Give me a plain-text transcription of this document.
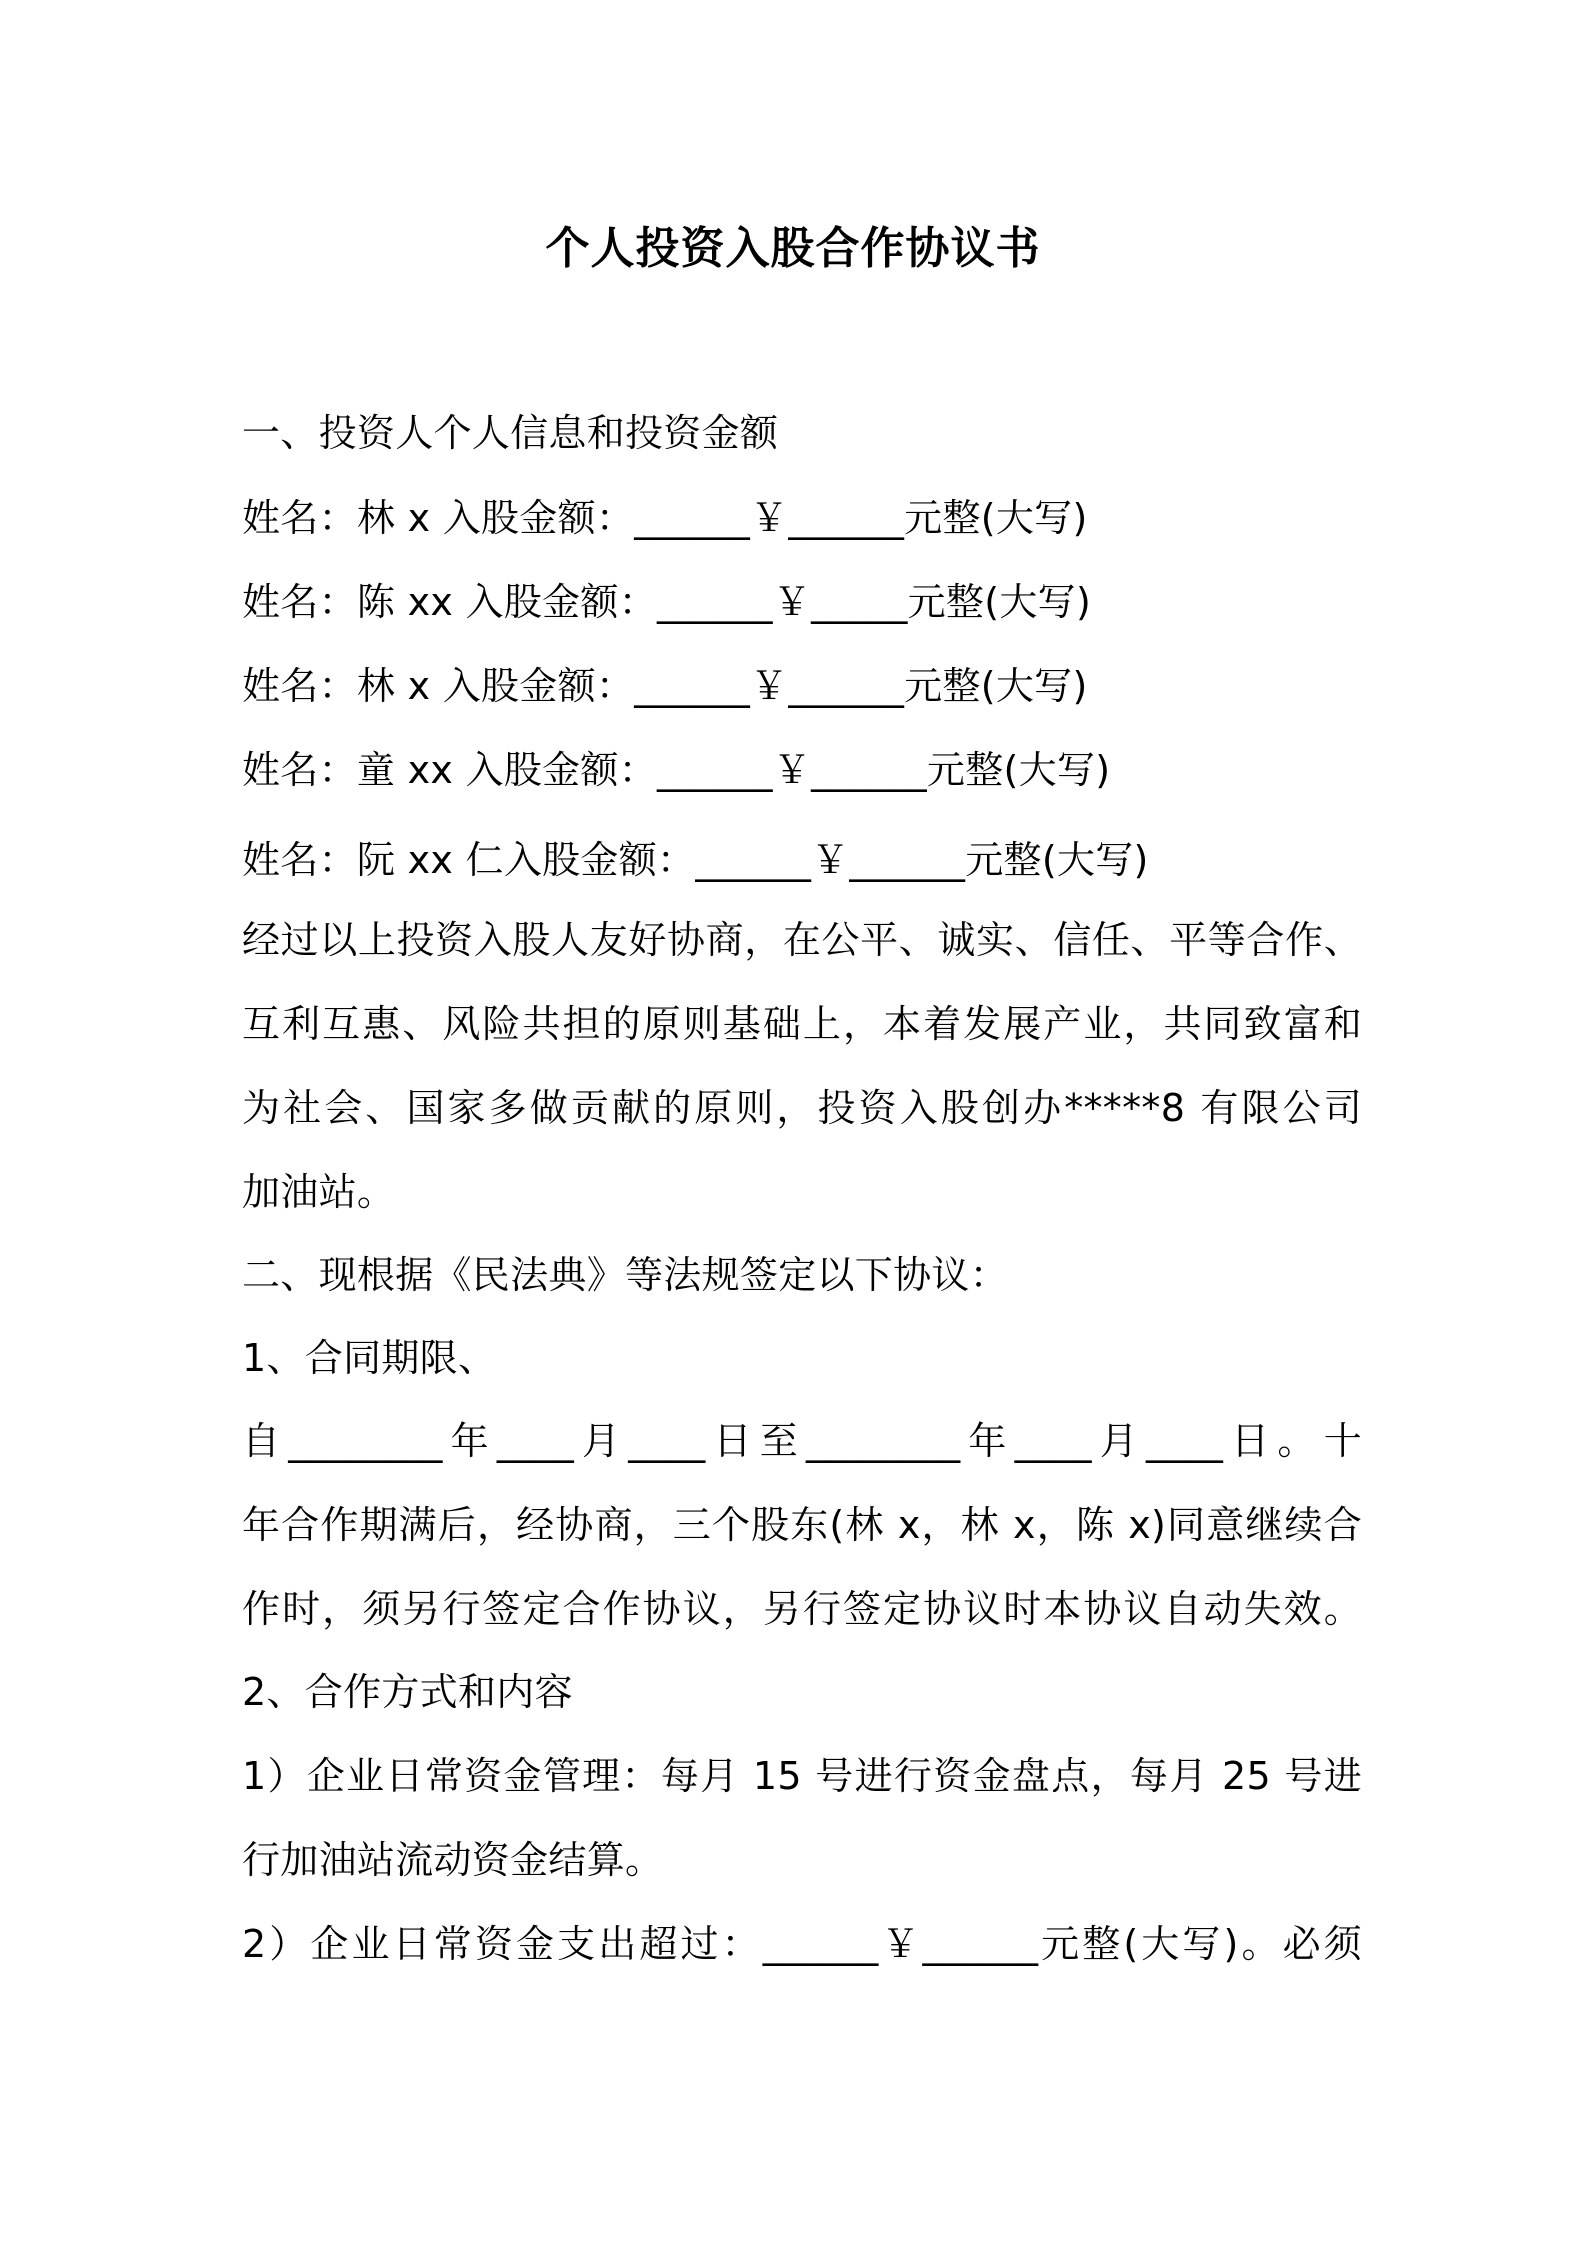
个人投资入股合作协议书
一、投资人个人信息和投资金额
姓名：林 x 入股金额：______￥______元整(大写)
姓名：陈 xx 入股金额：______￥_____元整(大写)
姓名：林 x 入股金额：______￥______元整(大写)
姓名：童 xx 入股金额：______￥______元整(大写)
姓名：阮 xx 仁入股金额：______￥______元整(大写)
经过以上投资入股人友好协商，在公平、诚实、信任、平等合作、
互利互惠、风险共担的原则基础上，本着发展产业，共同致富和
为社会、国家多做贡献的原则，投资入股创办*****8 有限公司
加油站。
二、现根据《民法典》等法规签定以下协议：
1、合同期限、
自________年____月____日至________年____月____日。十
年合作期满后，经协商，三个股东(林 x，林 x，陈 x)同意继续合
作时，须另行签定合作协议，另行签定协议时本协议自动失效。
2、合作方式和内容
1）企业日常资金管理：每月 15 号进行资金盘点，每月 25 号进
行加油站流动资金结算。
2）企业日常资金支出超过：______￥______元整(大写)。必须
